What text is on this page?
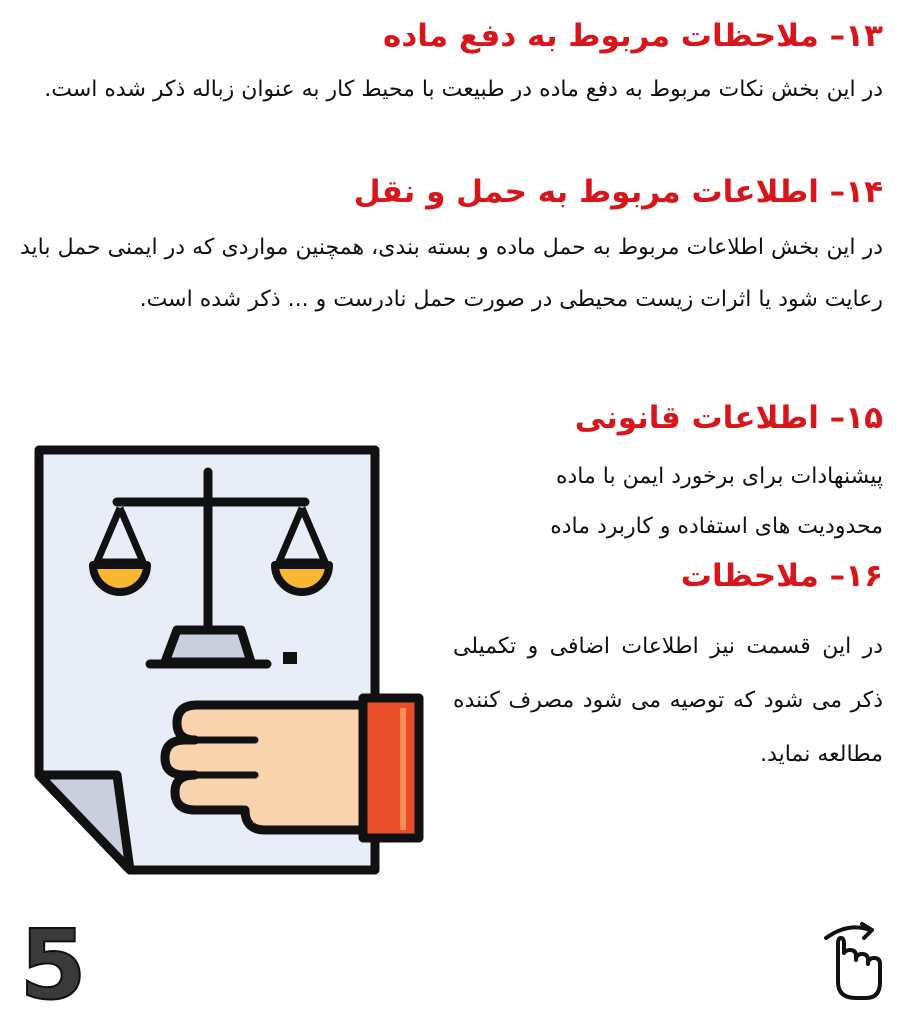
۱۳– ملاحظات مربوط به دفع ماده
در این بخش نکات مربوط به دفع ماده در طبیعت با محیط کار به عنوان زباله ذکر شده است.
۱۴– اطلاعات مربوط به حمل و نقل
در این بخش اطلاعات مربوط به حمل ماده و بسته بندی، همچنین مواردی که در ایمنی حمل باید رعایت شود یا اثرات زیست محیطی در صورت حمل نادرست و ... ذکر شده است.
۱۵– اطلاعات قانونی
پیشنهادات برای برخورد ایمن با ماده
محدودیت های استفاده و کاربرد ماده
۱۶– ملاحظات
در این قسمت نیز اطلاعات اضافی و تکمیلی ذکر می شود که توصیه می شود مصرف کننده مطالعه نماید.
5
